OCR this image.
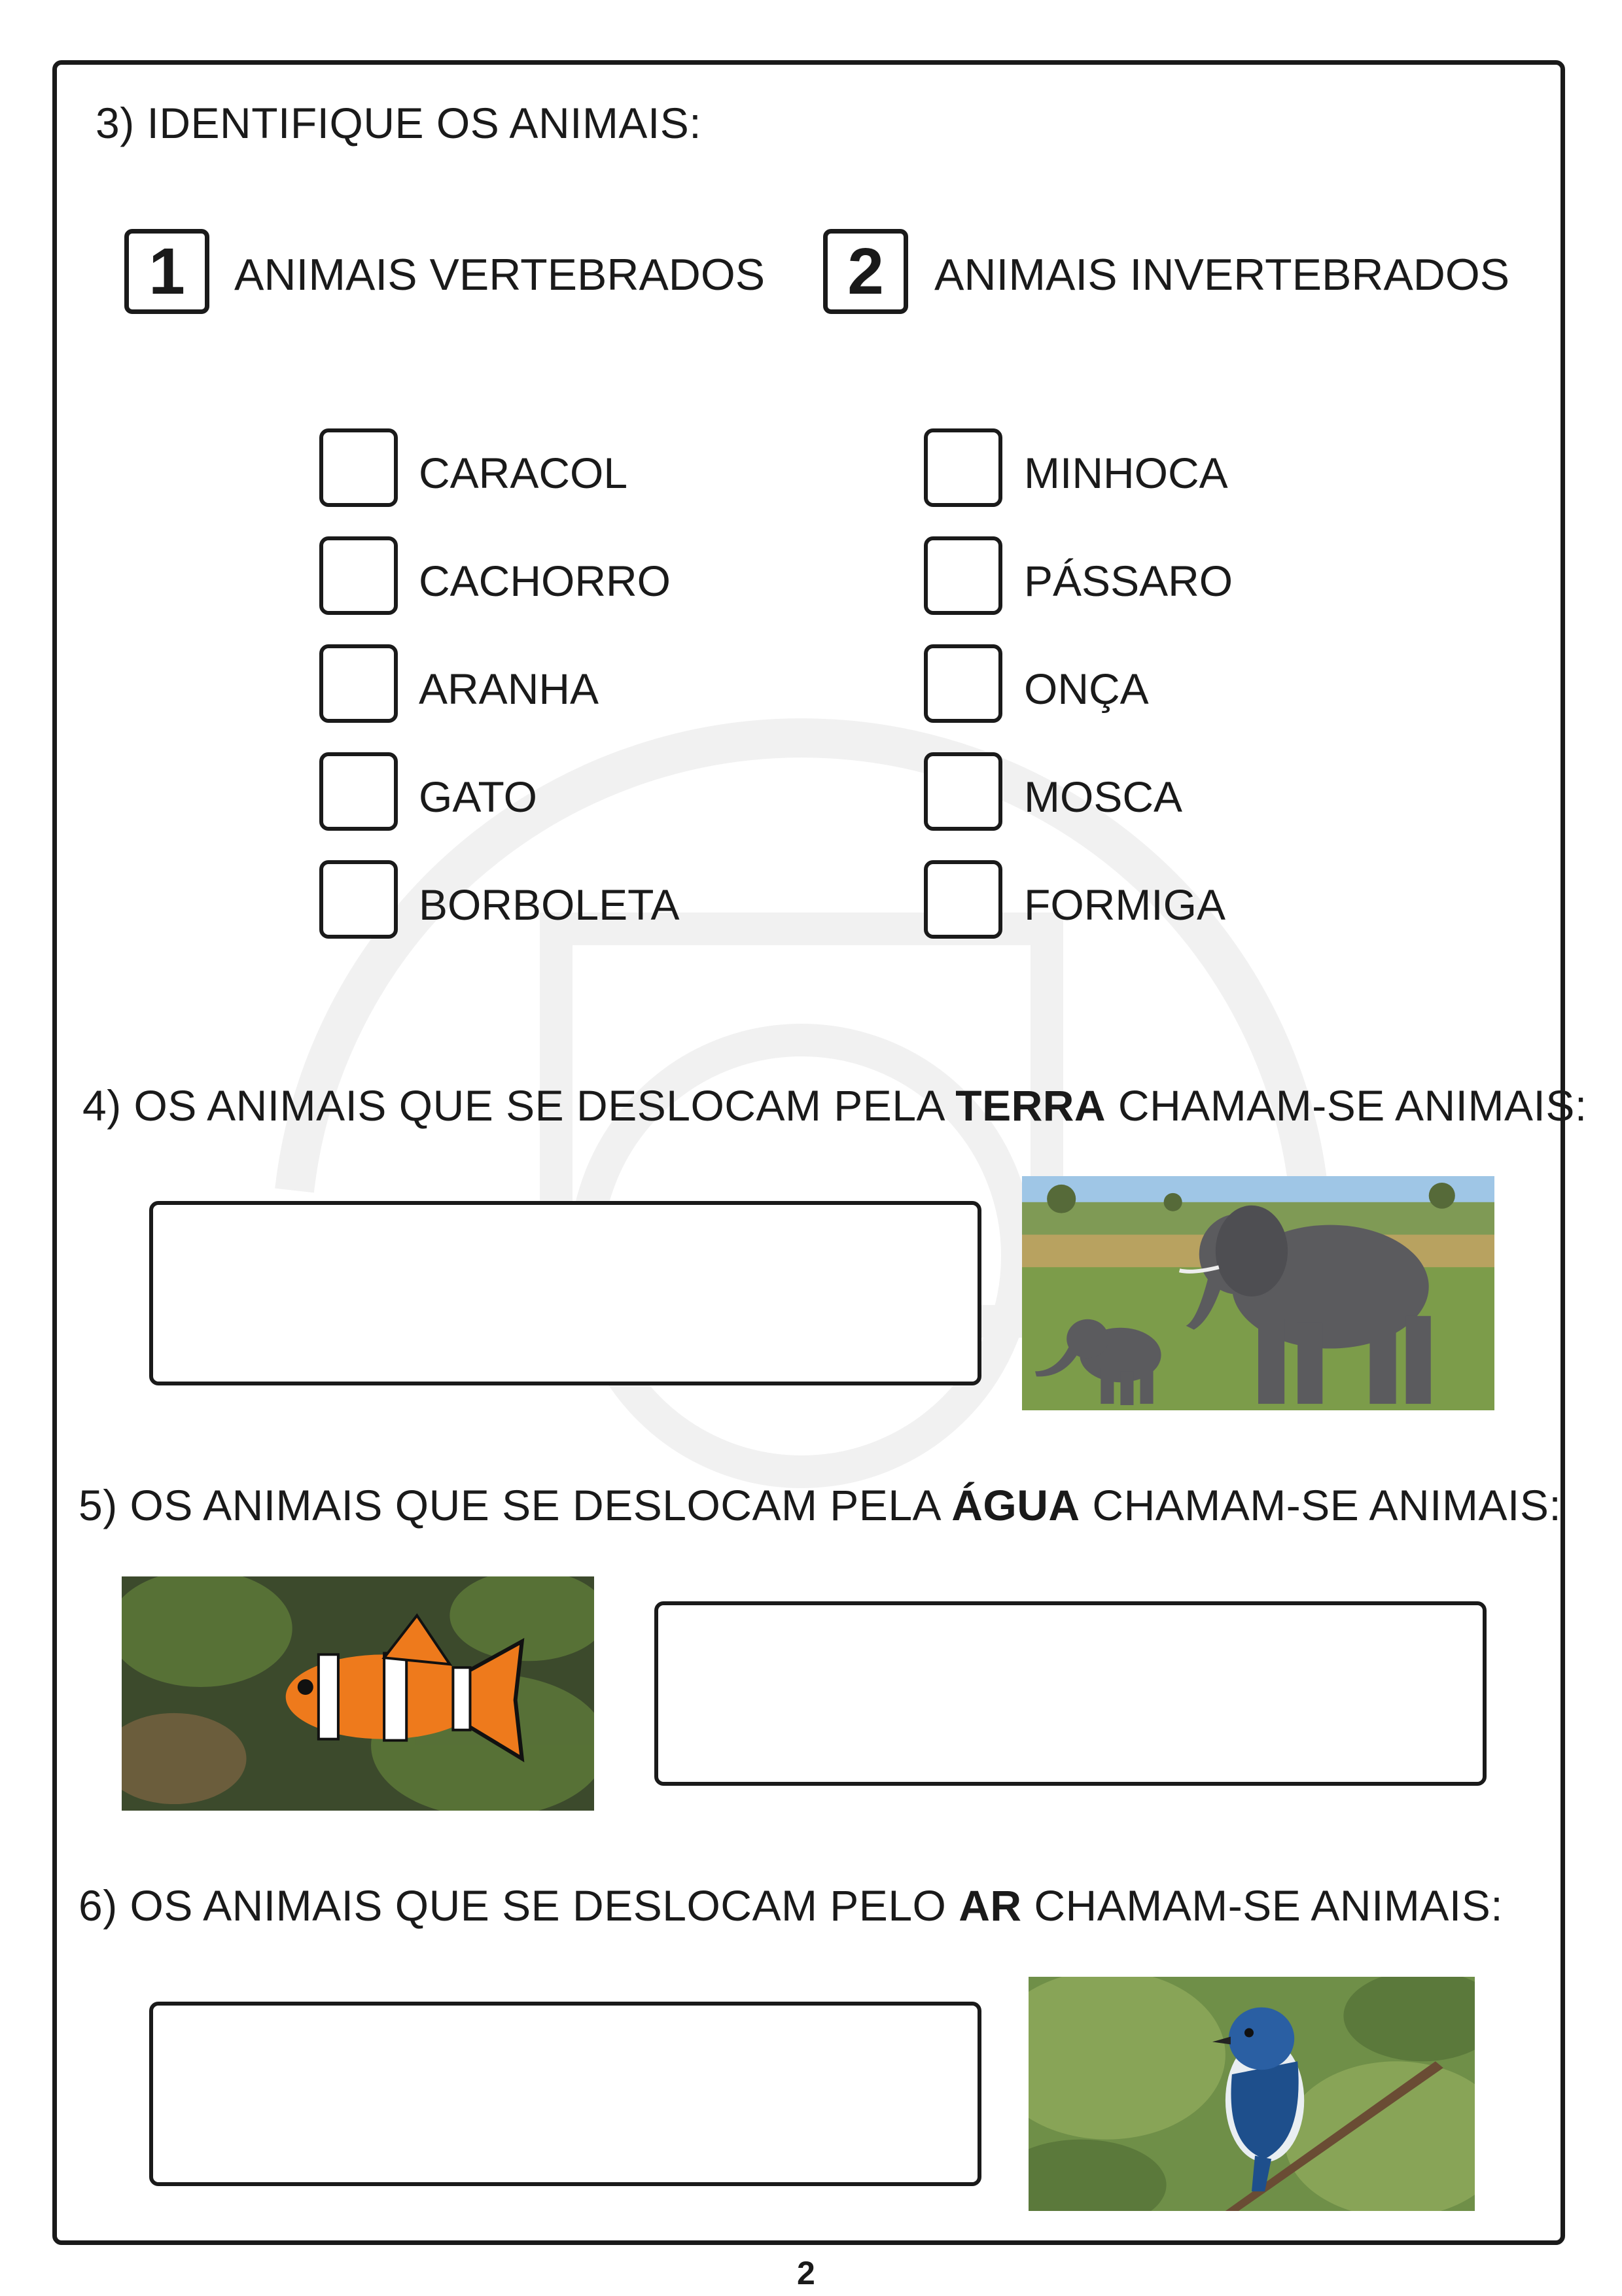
3) IDENTIFIQUE OS ANIMAIS:
1	ANIMAIS VERTEBRADOS	2	ANIMAIS INVERTEBRADOS
CARACOL
CACHORRO
ARANHA
GATO
BORBOLETA
MINHOCA
PÁSSARO
ONÇA
MOSCA
FORMIGA
4) OS ANIMAIS QUE SE DESLOCAM PELA TERRA CHAMAM-SE ANIMAIS:
5) OS ANIMAIS QUE SE DESLOCAM PELA ÁGUA CHAMAM-SE ANIMAIS:
6) OS ANIMAIS QUE SE DESLOCAM PELO AR CHAMAM-SE ANIMAIS:
2
